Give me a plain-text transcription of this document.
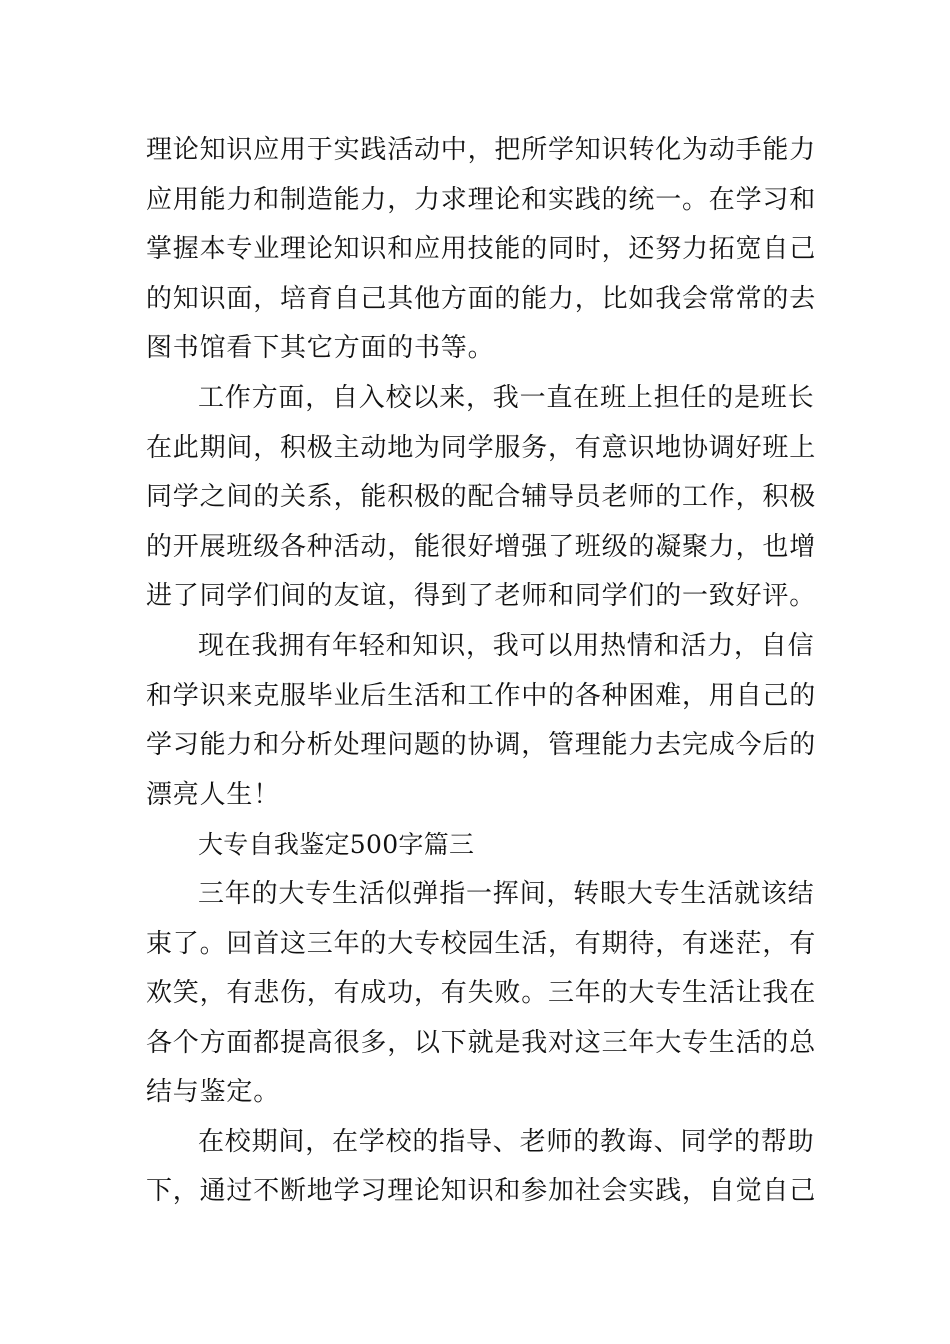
理论知识应用于实践活动中，把所学知识转化为动手能力
应用能力和制造能力，力求理论和实践的统一。在学习和
掌握本专业理论知识和应用技能的同时，还努力拓宽自己
的知识面，培育自己其他方面的能力，比如我会常常的去
图书馆看下其它方面的书等。
工作方面，自入校以来，我一直在班上担任的是班长
在此期间，积极主动地为同学服务，有意识地协调好班上
同学之间的关系，能积极的配合辅导员老师的工作，积极
的开展班级各种活动，能很好增强了班级的凝聚力，也增
进了同学们间的友谊，得到了老师和同学们的一致好评。
现在我拥有年轻和知识，我可以用热情和活力，自信
和学识来克服毕业后生活和工作中的各种困难，用自己的
学习能力和分析处理问题的协调，管理能力去完成今后的
漂亮人生！
大专自我鉴定500字篇三
三年的大专生活似弹指一挥间，转眼大专生活就该结
束了。回首这三年的大专校园生活，有期待，有迷茫，有
欢笑，有悲伤，有成功，有失败。三年的大专生活让我在
各个方面都提高很多，以下就是我对这三年大专生活的总
结与鉴定。
在校期间，在学校的指导、老师的教诲、同学的帮助
下，通过不断地学习理论知识和参加社会实践，自觉自己
